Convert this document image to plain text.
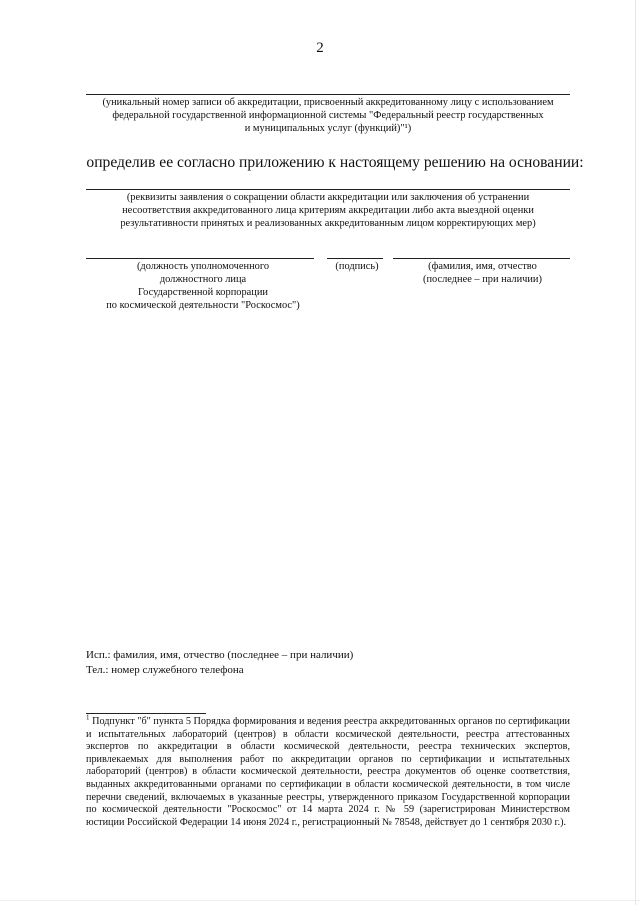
2
(уникальный номер записи об аккредитации, присвоенный аккредитованному лицу с использованием
федеральной государственной информационной системы "Федеральный реестр государственных
и муниципальных услуг (функций)"¹)
определив ее согласно приложению к настоящему решению на основании:
(реквизиты заявления о сокращении области аккредитации или заключения об устранении
несоответствия аккредитованного лица критериям аккредитации либо акта выездной оценки
результативности принятых и реализованных аккредитованным лицом корректирующих мер)
(должность уполномоченного
должностного лица
Государственной корпорации
по космической деятельности "Роскосмос")
(подпись)	(фамилия, имя, отчество
(последнее – при наличии)
Исп.: фамилия, имя, отчество (последнее – при наличии)
Тел.: номер служебного телефона
$^1$ Подпункт "б" пункта 5 Порядка формирования и ведения реестра аккредитованных органов по сертификации и испытательных лабораторий (центров) в области космической деятельности, реестра аттестованных экспертов по аккредитации в области космической деятельности, реестра технических экспертов, привлекаемых для выполнения работ по аккредитации органов по сертификации и испытательных лабораторий (центров) в области космической деятельности, реестра документов об оценке соответствия, выданных аккредитованными органами по сертификации в области космической деятельности, в том числе перечни сведений, включаемых в указанные реестры, утвержденного приказом Государственной корпорации по космической деятельности "Роскосмос" от 14 марта 2024 г. № 59 (зарегистрирован Министерством юстиции Российской Федерации 14 июня 2024 г., регистрационный № 78548, действует до 1 сентября 2030 г.).
